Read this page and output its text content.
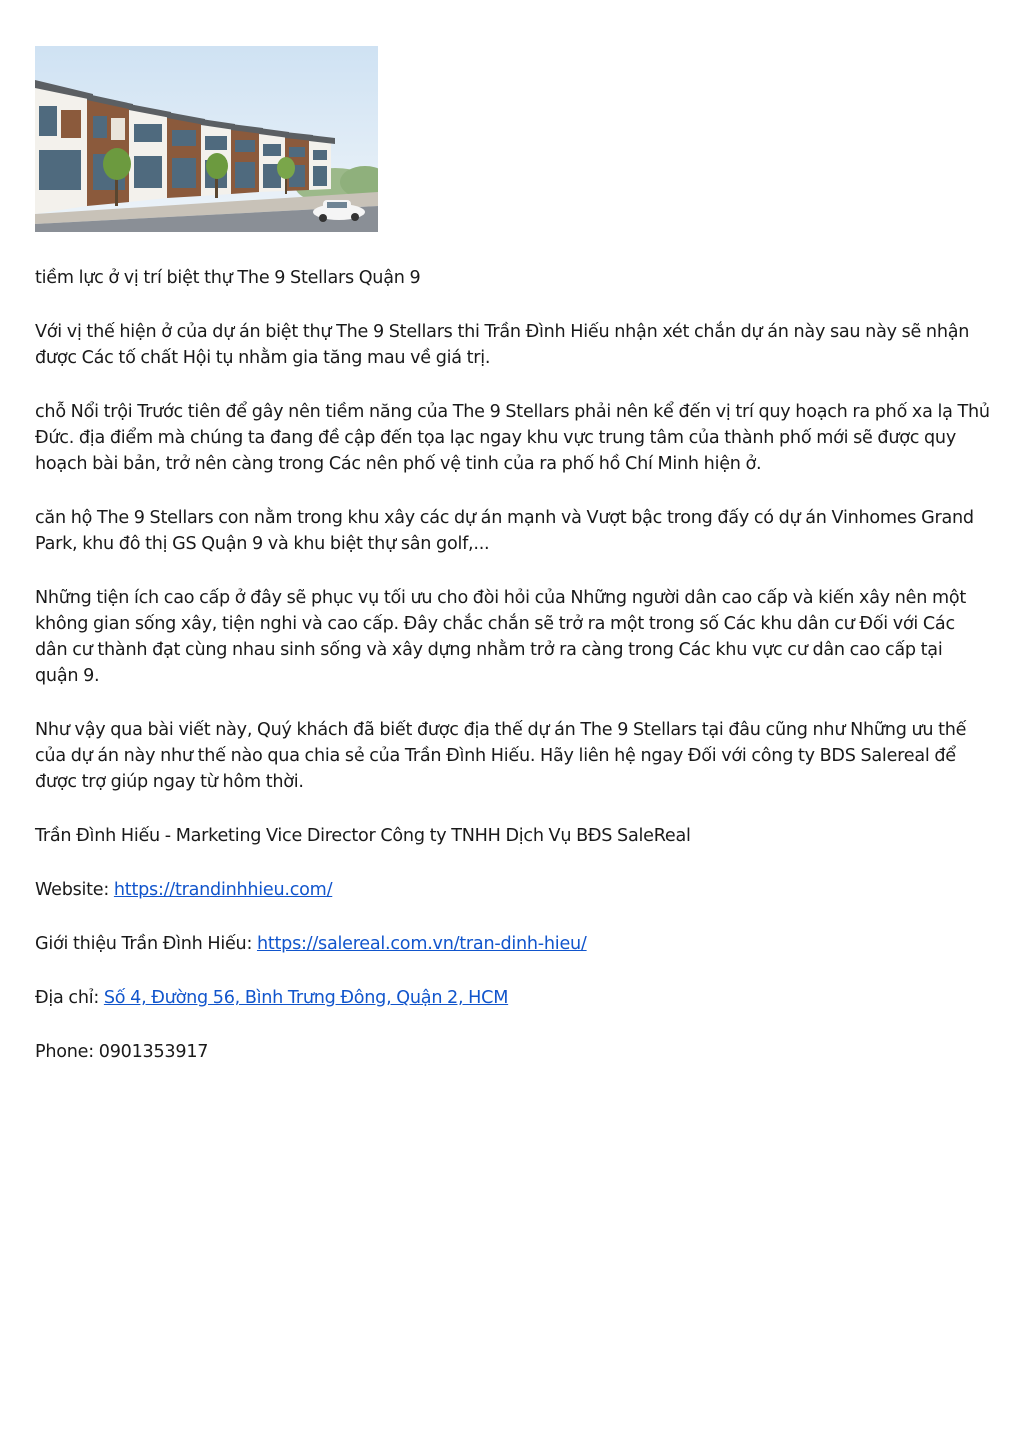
tiềm lực ở vị trí biệt thự The 9 Stellars Quận 9

Với vị thế hiện ở của dự án biệt thự The 9 Stellars thi Trần Đình Hiếu nhận xét chắn dự án này sau này sẽ nhận được Các tố chất Hội tụ nhằm gia tăng mau về giá trị.

chỗ Nổi trội Trước tiên để gây nên tiềm năng của The 9 Stellars phải nên kể đến vị trí quy hoạch ra phố xa lạ Thủ Đức. địa điểm mà chúng ta đang đề cập đến tọa lạc ngay khu vực trung tâm của thành phố mới sẽ được quy hoạch bài bản, trở nên càng trong Các nên phố vệ tinh của ra phố hồ Chí Minh hiện ở.

căn hộ The 9 Stellars con nằm trong khu xây các dự án mạnh và Vượt bậc trong đấy có dự án Vinhomes Grand Park, khu đô thị GS Quận 9 và khu biệt thự sân golf,...

Những tiện ích cao cấp ở đây sẽ phục vụ tối ưu cho đòi hỏi của Những người dân cao cấp và kiến xây nên một không gian sống xây, tiện nghi và cao cấp. Đây chắc chắn sẽ trở ra một trong số Các khu dân cư Đối với Các dân cư thành đạt cùng nhau sinh sống và xây dựng nhằm trở ra càng trong Các khu vực cư dân cao cấp tại quận 9.

Như vậy qua bài viết này, Quý khách đã biết được địa thế dự án The 9 Stellars tại đâu cũng như Những ưu thế của dự án này như thế nào qua chia sẻ của Trần Đình Hiếu. Hãy liên hệ ngay Đối với công ty BDS Salereal để được trợ giúp ngay từ hôm thời.

Trần Đình Hiếu - Marketing Vice Director Công ty TNHH Dịch Vụ BĐS SaleReal

Website: https://trandinhhieu.com/

Giới thiệu Trần Đình Hiếu: https://salereal.com.vn/tran-dinh-hieu/

Địa chỉ: Số 4, Đường 56, Bình Trưng Đông, Quận 2, HCM

Phone: 0901353917
